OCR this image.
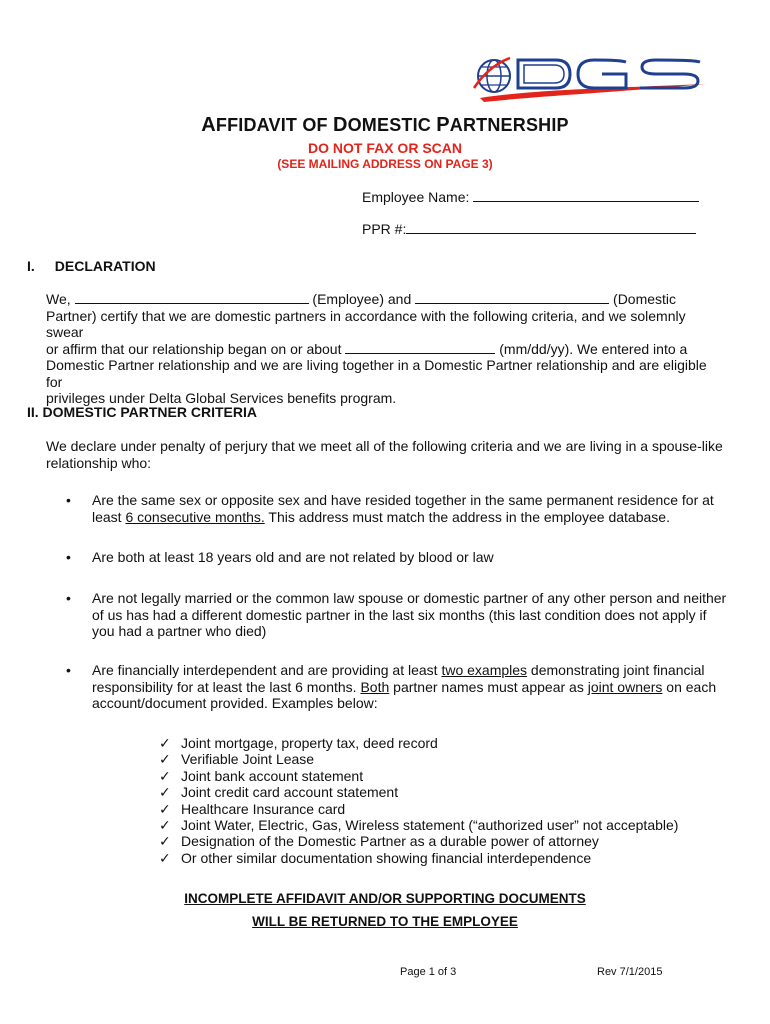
AFFIDAVIT OF DOMESTIC PARTNERSHIP
DO NOT FAX OR SCAN
(SEE MAILING ADDRESS ON PAGE 3)
Employee Name:
PPR #:
I. DECLARATION
We,	(Employee) and	(Domestic
Partner) certify that we are domestic partners in accordance with the following criteria, and we solemnly swear
or affirm that our relationship began on or about	(mm/dd/yy). We entered into a
Domestic Partner relationship and we are living together in a Domestic Partner relationship and are eligible for
privileges under Delta Global Services benefits program.
II. DOMESTIC PARTNER CRITERIA
We declare under penalty of perjury that we meet all of the following criteria and we are living in a spouse-like
relationship who:
• Are the same sex or opposite sex and have resided together in the same permanent residence for at
least 6 consecutive months. This address must match the address in the employee database.
• Are both at least 18 years old and are not related by blood or law
• Are not legally married or the common law spouse or domestic partner of any other person and neither
of us has had a different domestic partner in the last six months (this last condition does not apply if
you had a partner who died)
• Are financially interdependent and are providing at least two examples demonstrating joint financial
responsibility for at least the last 6 months. Both partner names must appear as joint owners on each
account/document provided. Examples below:
✓ Joint mortgage, property tax, deed record
✓ Verifiable Joint Lease
✓ Joint bank account statement
✓ Joint credit card account statement
✓ Healthcare Insurance card
✓ Joint Water, Electric, Gas, Wireless statement (“authorized user” not acceptable)
✓ Designation of the Domestic Partner as a durable power of attorney
✓ Or other similar documentation showing financial interdependence
INCOMPLETE AFFIDAVIT AND/OR SUPPORTING DOCUMENTS
WILL BE RETURNED TO THE EMPLOYEE
Page 1 of 3	Rev 7/1/2015
